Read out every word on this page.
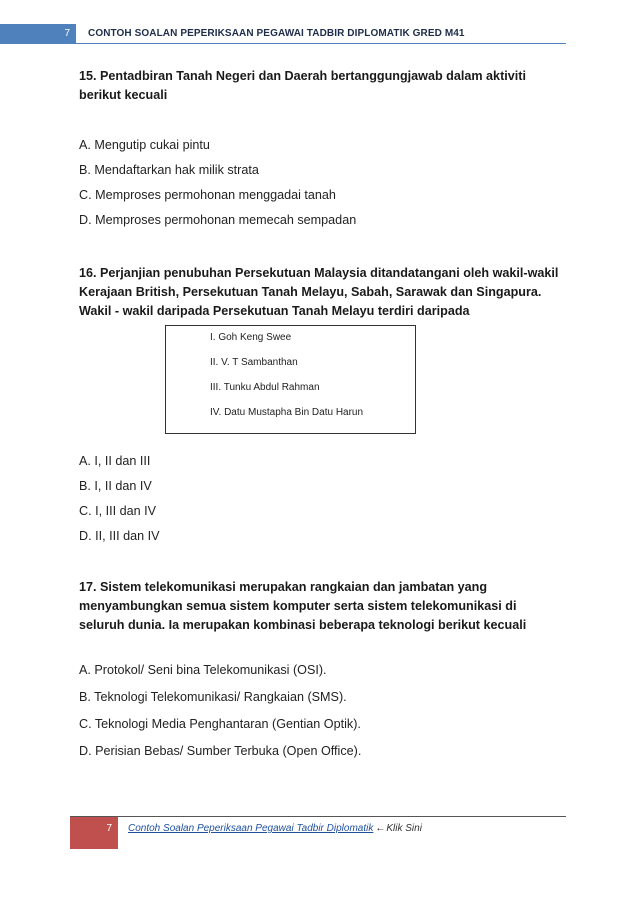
7	CONTOH SOALAN PEPERIKSAAN PEGAWAI TADBIR DIPLOMATIK GRED M41
15. Pentadbiran Tanah Negeri dan Daerah bertanggungjawab dalam aktiviti berikut kecuali
A. Mengutip cukai pintu
B. Mendaftarkan hak milik strata
C. Memproses permohonan menggadai tanah
D. Memproses permohonan memecah sempadan
16. Perjanjian penubuhan Persekutuan Malaysia ditandatangani oleh wakil-wakil Kerajaan British, Persekutuan Tanah Melayu, Sabah, Sarawak dan Singapura. Wakil - wakil daripada Persekutuan Tanah Melayu terdiri daripada
I. Goh Keng Swee
II. V. T Sambanthan
III. Tunku Abdul Rahman
IV. Datu Mustapha Bin Datu Harun
A. I, II dan III
B. I, II dan IV
C. I, III dan IV
D. II, III dan IV
17. Sistem telekomunikasi merupakan rangkaian dan jambatan yang menyambungkan semua sistem komputer serta sistem telekomunikasi di seluruh dunia. Ia merupakan kombinasi beberapa teknologi berikut kecuali
A. Protokol/ Seni bina Telekomunikasi (OSI).
B. Teknologi Telekomunikasi/ Rangkaian (SMS).
C. Teknologi Media Penghantaran (Gentian Optik).
D. Perisian Bebas/ Sumber Terbuka (Open Office).
7	Contoh Soalan Peperiksaan Pegawai Tadbir Diplomatik ←Klik Sini
